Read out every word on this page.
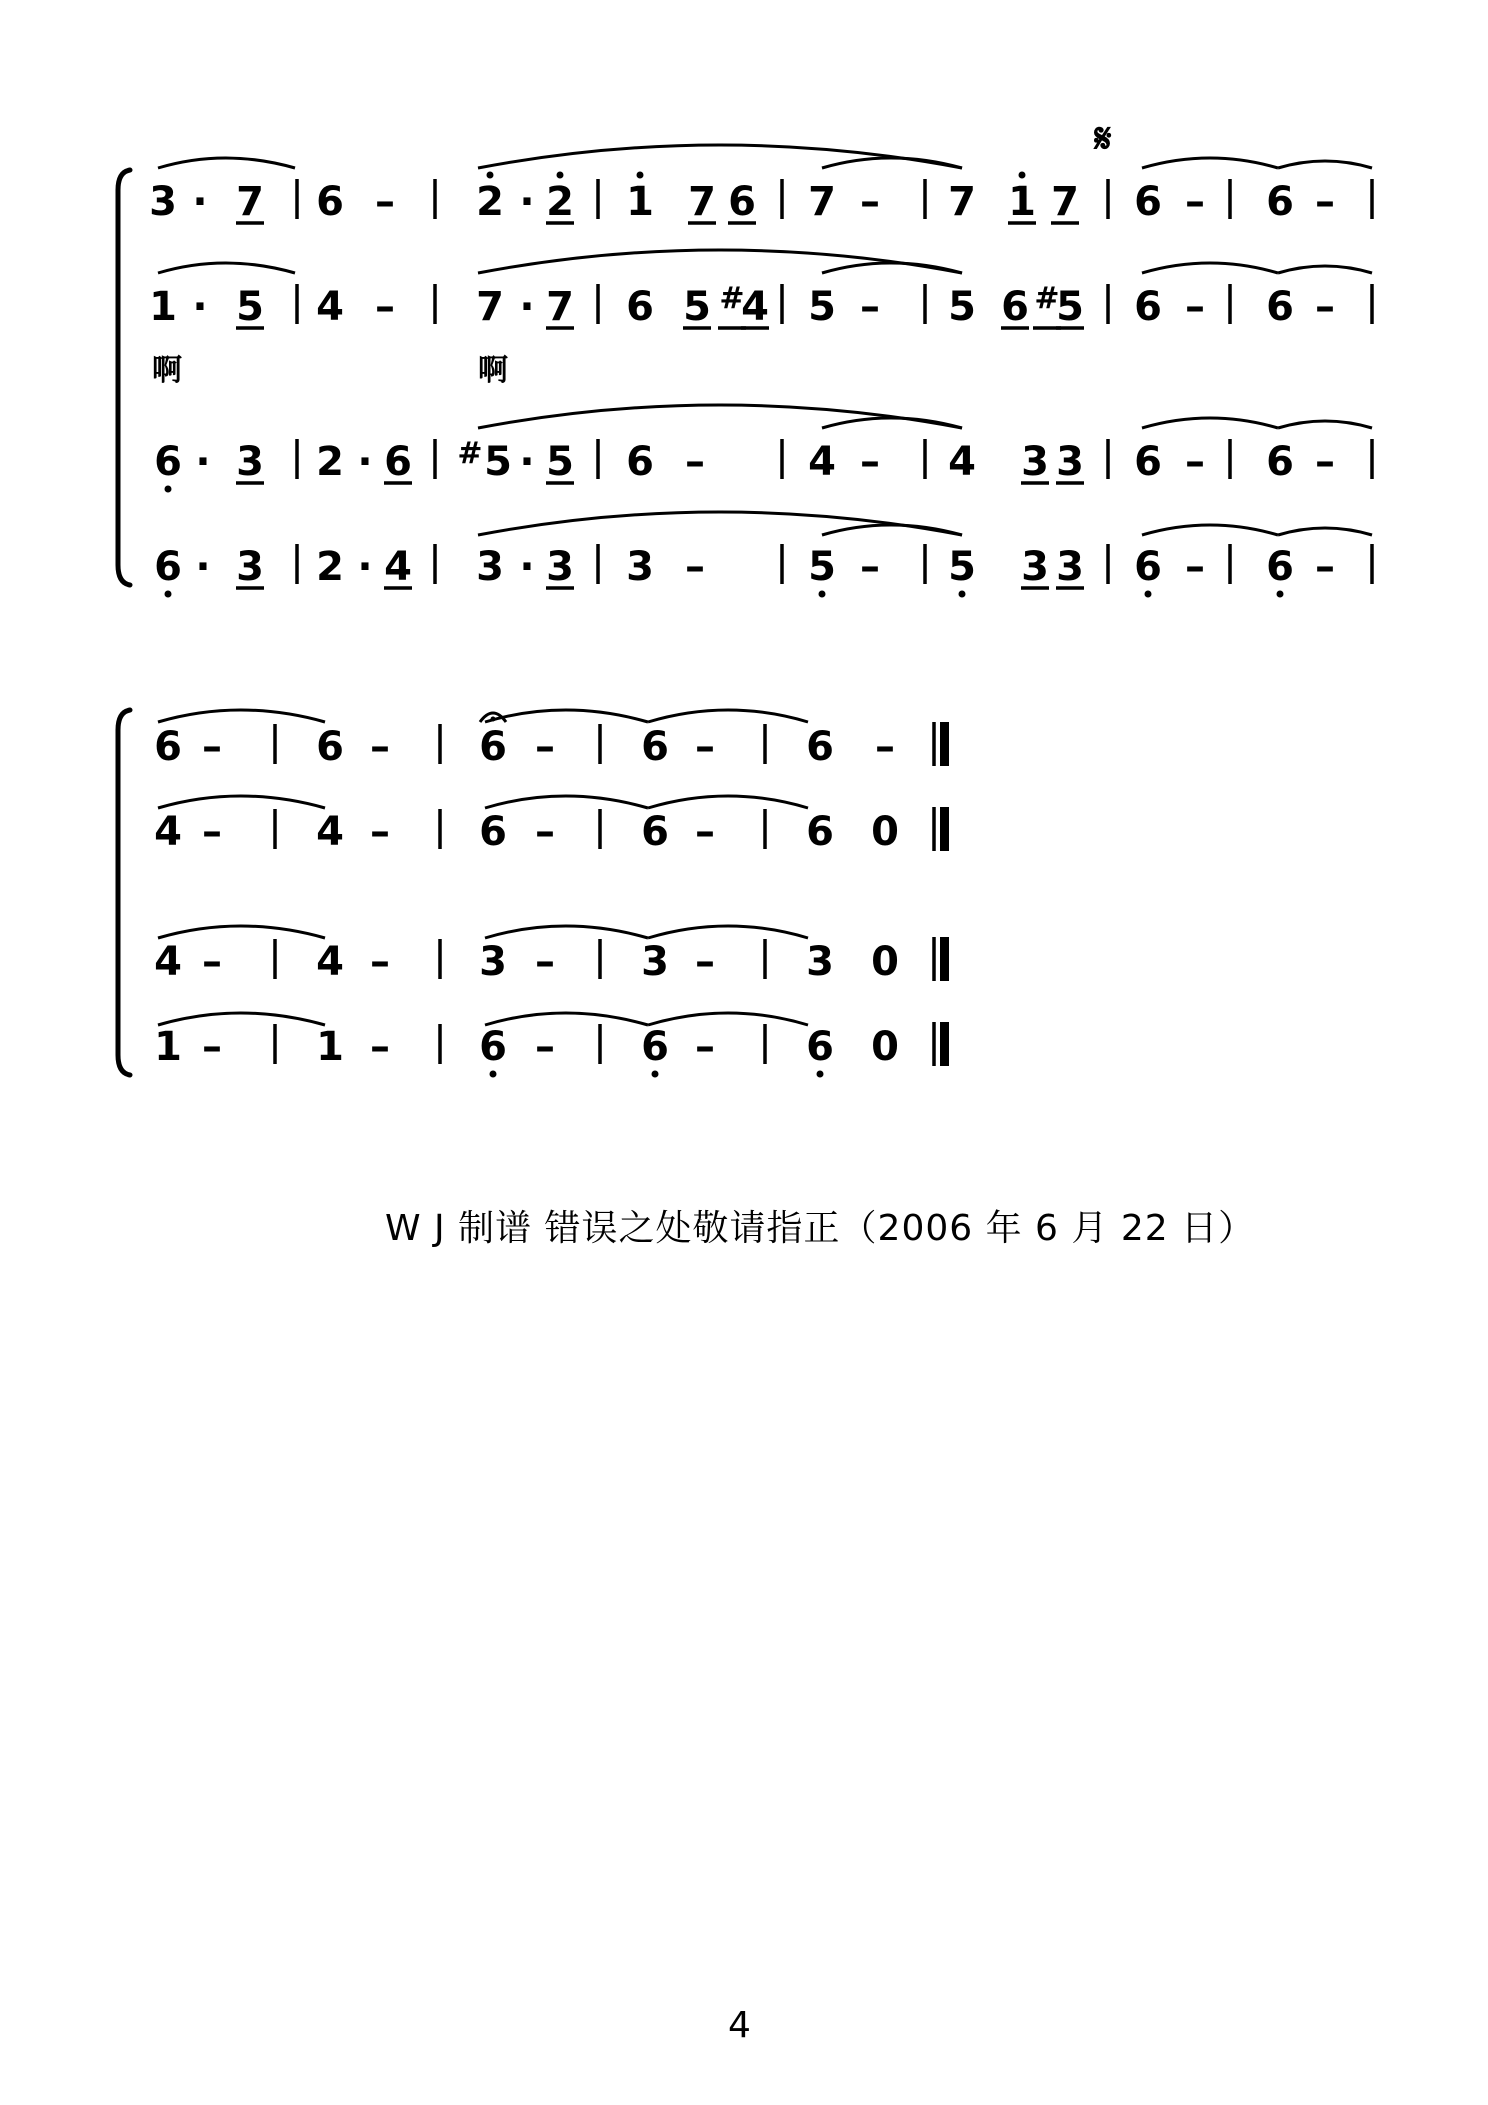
𝄋
啊	啊
3 · 7 6 – 2 · 2 1 7 6 7 – 7 1 7 6 – 6 –
1 · 5 4 – 7 · 7 6 5 #
4 5 – 5 6 #
5 6 – 6 –
6 · 3 2 · 6 # 5 · 5 6 –	4 – 4 3 3 6 – 6 –
6 · 3 2 · 4 3 · 3 3 –	5 – 5 3 3 6 – 6 –
6 – 6 – 6 – 6 – 6 –
4 – 4 – 6 – 6 – 6 0
4 – 4 – 3 – 3 – 3 0
1 – 1 – 6 – 6 – 6 0
W J 制谱 错误之处敬请指正（2006 年 6 月 22 日）
4
